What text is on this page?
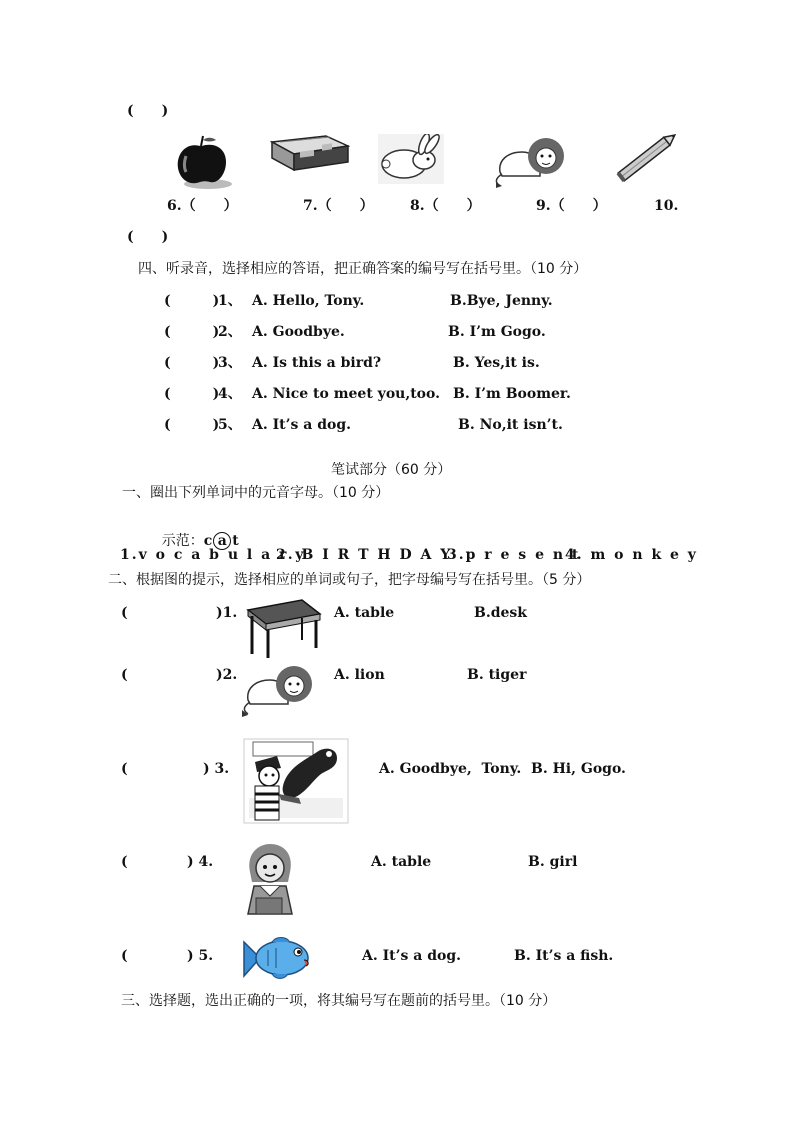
(　　)
6.（　　）	7.（　　）	8.（　　）	9.（　　）	10.
(　　)
四、听录音，选择相应的答语，把正确答案的编号写在括号里。（10 分）
(　　　)
1、 A. Hello, Tony.	B.Bye, Jenny.
(　　　)
2、 A. Goodbye.	B. I’m Gogo.
(　　　)
3、 A. Is this a bird?	B. Yes,it is.
(　　　)
4、 A. Nice to meet you,too. B. I’m Boomer.
(　　　)
5、 A. It’s a dog.	B. No,it isn’t.
笔试部分（60 分）
一、圈出下列单词中的元音字母。（10 分）

示范：c a t

1.v o c a b u l a r y
2. B I R T H D A Y
3.p r e s e n t
4. m o n k e y
二、根据图的提示，选择相应的单词或句子，把字母编号写在括号里。（5 分）
(	)1.	A. table	B.desk
(	)2.	A. lion	B. tiger
(	) 3.	A. Goodbye,  Tony. B. Hi, Gogo.
(	) 4.	A. table	B. girl
(	) 5.	A. It’s a dog.	B. It’s a fish.
三、选择题，选出正确的一项，将其编号写在题前的括号里。（10 分）
